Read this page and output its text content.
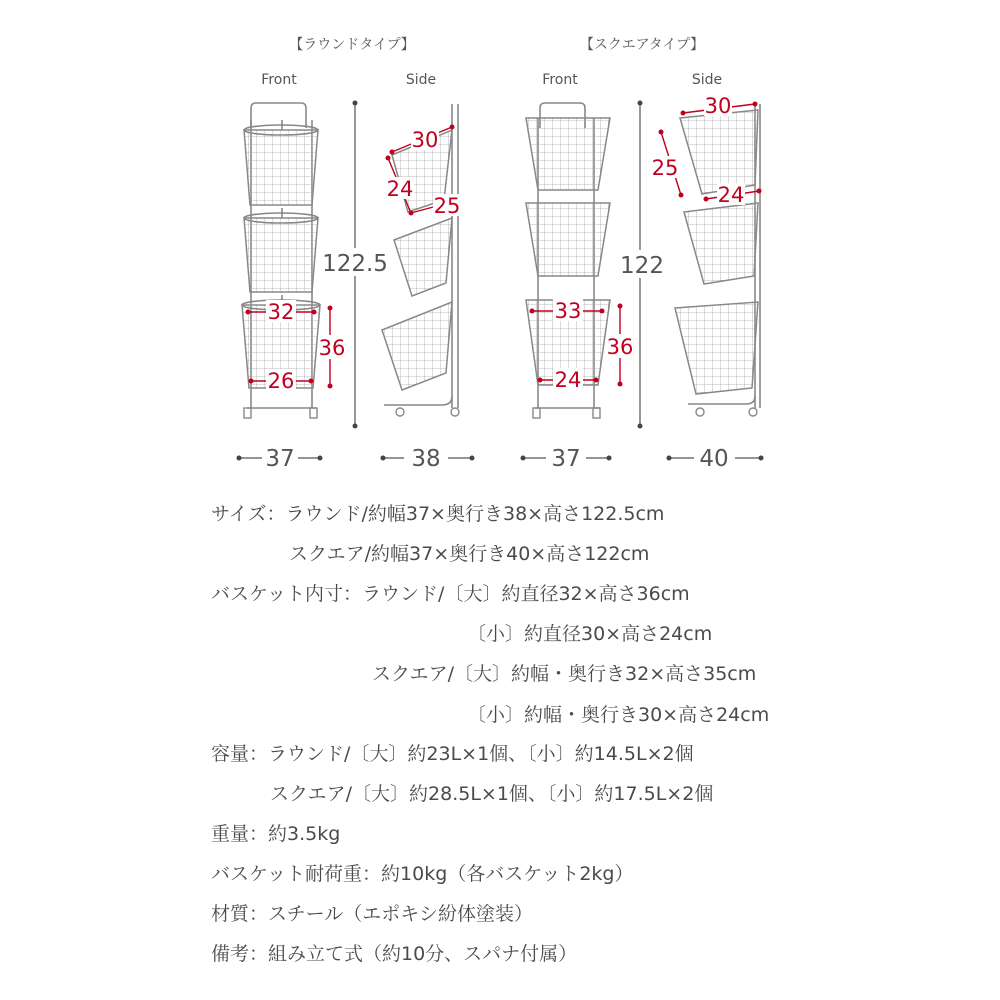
【ラウンドタイプ】	【スクエアタイプ】
Front	Side	Front	Side
32
26
36
122.5
30
24
25
33
24
36
122
30
25
24
37	38	37	40
サイズ：ラウンド/約幅37×奥行き38×高さ122.5cm
スクエア/約幅37×奥行き40×高さ122cm
バスケット内寸：ラウンド/〔大〕約直径32×高さ36cm
〔小〕約直径30×高さ24cm
スクエア/〔大〕約幅・奥行き32×高さ35cm
〔小〕約幅・奥行き30×高さ24cm
容量：ラウンド/〔大〕約23L×1個、〔小〕約14.5L×2個
スクエア/〔大〕約28.5L×1個、〔小〕約17.5L×2個
重量：約3.5kg
バスケット耐荷重：約10kg（各バスケット2kg）
材質：スチール（エポキシ紛体塗装）
備考：組み立て式（約10分、スパナ付属）
